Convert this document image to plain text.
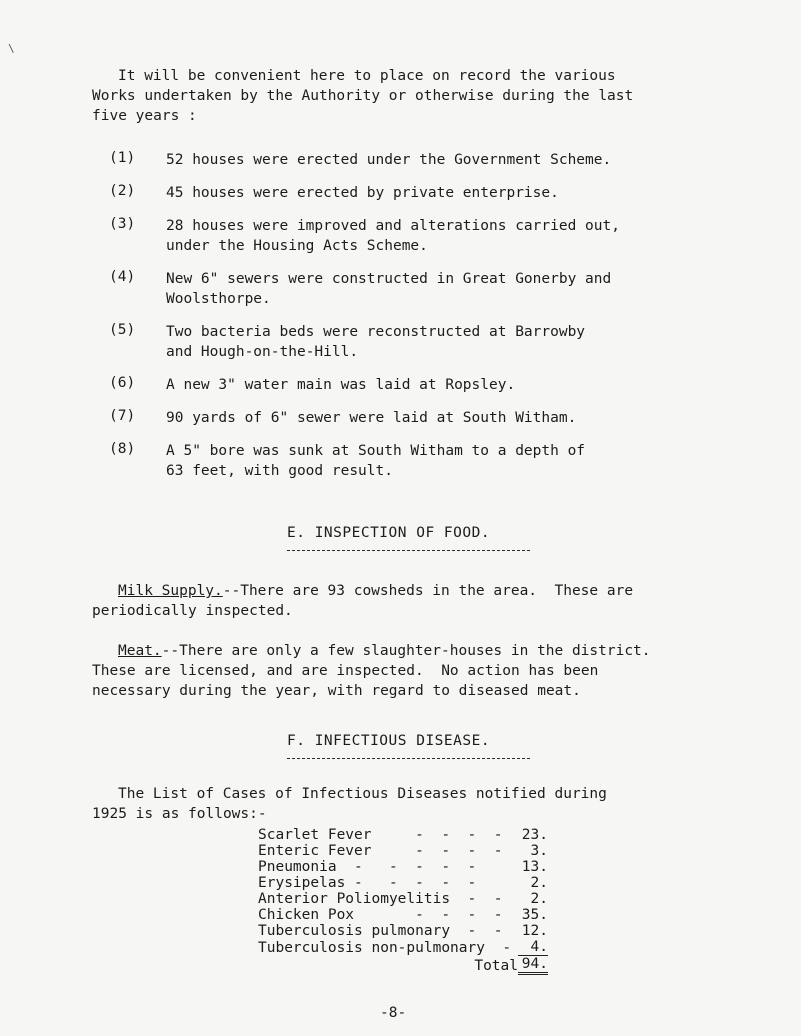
\
It will be convenient here to place on record the various
Works undertaken by the Authority or otherwise during the last
five years :
(1) 52 houses were erected under the Government Scheme.
(2) 45 houses were erected by private enterprise.
(3) 28 houses were improved and alterations carried out,
under the Housing Acts Scheme.
(4) New 6" sewers were constructed in Great Gonerby and
Woolsthorpe.
(5) Two bacteria beds were reconstructed at Barrowby
and Hough-on-the-Hill.
(6) A new 3" water main was laid at Ropsley.
(7) 90 yards of 6" sewer were laid at South Witham.
(8) A 5" bore was sunk at South Witham to a depth of
63 feet, with good result.
E. INSPECTION OF FOOD.
Milk Supply.--There are 93 cowsheds in the area.  These are
periodically inspected.
Meat.--There are only a few slaughter-houses in the district.
These are licensed, and are inspected.  No action has been
necessary during the year, with regard to diseased meat.
F. INFECTIOUS DISEASE.
The List of Cases of Infectious Diseases notified during
1925 is as follows:-
Scarlet Fever     -  -  -  -	23.
Enteric Fever     -  -  -  -	3.
Pneumonia  -   -  -  -  -	13.
Erysipelas -   -  -  -  -	2.
Anterior Poliomyelitis  -  -	2.
Chicken Pox       -  -  -  -	35.
Tuberculosis pulmonary  -  -	12.
Tuberculosis non-pulmonary  -	4.
Total	94.
-8-
